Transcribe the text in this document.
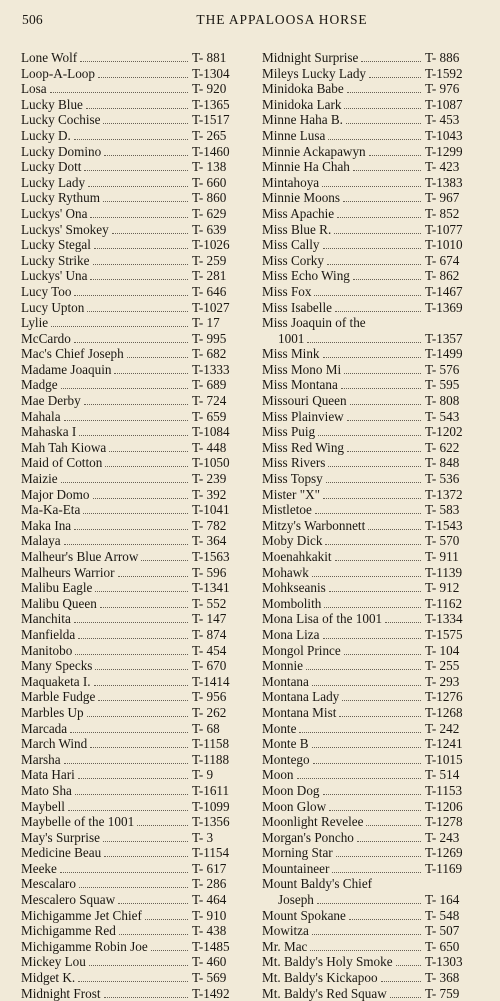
506	THE APPALOOSA HORSE
Lone Wolf	T- 881
Loop-A-Loop	T-1304
Losa	T- 920
Lucky Blue	T-1365
Lucky Cochise	T-1517
Lucky D.	T- 265
Lucky Domino	T-1460
Lucky Dott	T- 138
Lucky Lady	T- 660
Lucky Rythum	T- 860
Luckys' Ona	T- 629
Luckys' Smokey	T- 639
Lucky Stegal	T-1026
Lucky Strike	T- 259
Luckys' Una	T- 281
Lucy Too	T- 646
Lucy Upton	T-1027
Lylie	T- 17
McCardo	T- 995
Mac's Chief Joseph	T- 682
Madame Joaquin	T-1333
Madge	T- 689
Mae Derby	T- 724
Mahala	T- 659
Mahaska I	T-1084
Mah Tah Kiowa	T- 448
Maid of Cotton	T-1050
Maizie	T- 239
Major Domo	T- 392
Ma-Ka-Eta	T-1041
Maka Ina	T- 782
Malaya	T- 364
Malheur's Blue Arrow	T-1563
Malheurs Warrior	T- 596
Malibu Eagle	T-1341
Malibu Queen	T- 552
Manchita	T- 147
Manfielda	T- 874
Manitobo	T- 454
Many Specks	T- 670
Maquaketa I.	T-1414
Marble Fudge	T- 956
Marbles Up	T- 262
Marcada	T- 68
March Wind	T-1158
Marsha	T-1188
Mata Hari	T- 9
Mato Sha	T-1611
Maybell	T-1099
Maybelle of the 1001	T-1356
May's Surprise	T- 3
Medicine Beau	T-1154
Meeke	T- 617
Mescalaro	T- 286
Mescalero Squaw	T- 464
Michigamme Jet Chief	T- 910
Michigamme Red	T- 438
Michigamme Robin Joe	T-1485
Mickey Lou	T- 460
Midget K.	T- 569
Midnight Frost	T-1492
Midnight Surprise	T- 886
Mileys Lucky Lady	T-1592
Minidoka Babe	T- 976
Minidoka Lark	T-1087
Minne Haha B.	T- 453
Minne Lusa	T-1043
Minnie Ackapawyn	T-1299
Minnie Ha Chah	T- 423
Mintahoya	T-1383
Minnie Moons	T- 967
Miss Apachie	T- 852
Miss Blue R.	T-1077
Miss Cally	T-1010
Miss Corky	T- 674
Miss Echo Wing	T- 862
Miss Fox	T-1467
Miss Isabelle	T-1369
Miss Joaquin of the
1001	T-1357
Miss Mink	T-1499
Miss Mono Mi	T- 576
Miss Montana	T- 595
Missouri Queen	T- 808
Miss Plainview	T- 543
Miss Puig	T-1202
Miss Red Wing	T- 622
Miss Rivers	T- 848
Miss Topsy	T- 536
Mister "X"	T-1372
Mistletoe	T- 583
Mitzy's Warbonnett	T-1543
Moby Dick	T- 570
Moenahkakit	T- 911
Mohawk	T-1139
Mohkseanis	T- 912
Mombolith	T-1162
Mona Lisa of the 1001	T-1334
Mona Liza	T-1575
Mongol Prince	T- 104
Monnie	T- 255
Montana	T- 293
Montana Lady	T-1276
Montana Mist	T-1268
Monte	T- 242
Monte B	T-1241
Montego	T-1015
Moon	T- 514
Moon Dog	T-1153
Moon Glow	T-1206
Moonlight Revelee	T-1278
Morgan's Poncho	T- 243
Morning Star	T-1269
Mountaineer	T-1169
Mount Baldy's Chief
Joseph	T- 164
Mount Spokane	T- 548
Mowitza	T- 507
Mr. Mac	T- 650
Mt. Baldy's Holy Smoke T-1303
Mt. Baldy's Kickapoo	T- 368
Mt. Baldy's Red Squaw	T- 759
